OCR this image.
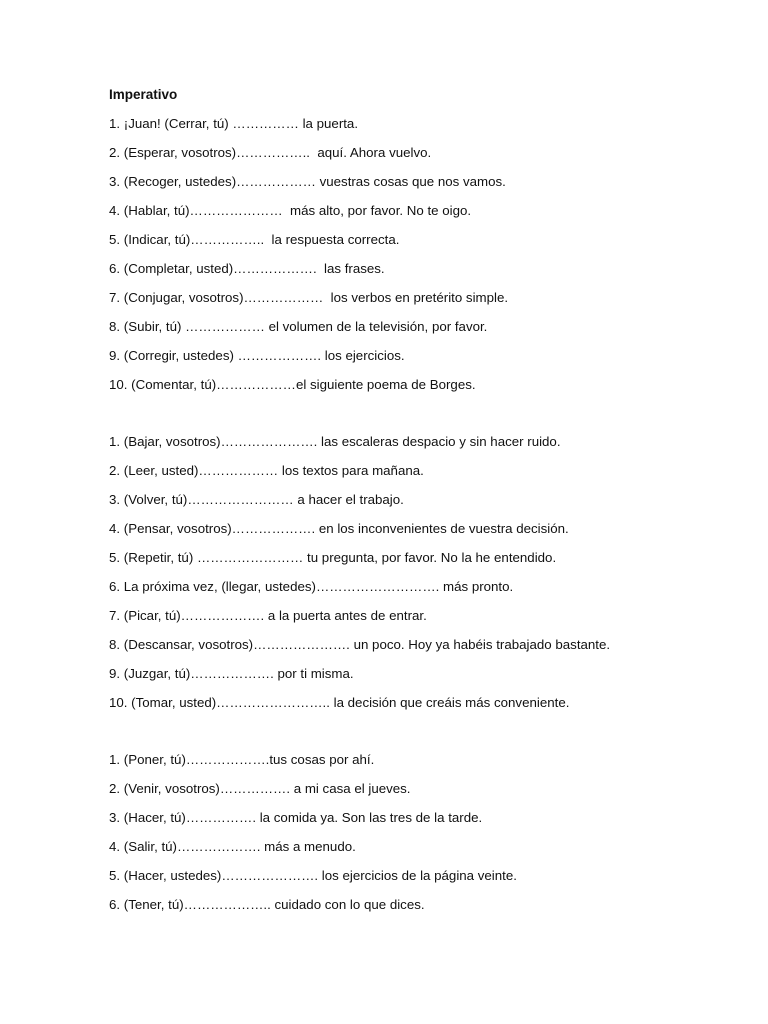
Imperativo
1. ¡Juan! (Cerrar, tú) …………… la puerta.
2. (Esperar, vosotros)……………..  aquí. Ahora vuelvo.
3. (Recoger, ustedes)……………… vuestras cosas que nos vamos.
4. (Hablar, tú)…………………  más alto, por favor. No te oigo.
5. (Indicar, tú)……………..  la respuesta correcta.
6. (Completar, usted)……………….  las frases.
7. (Conjugar, vosotros)………………  los verbos en pretérito simple.
8. (Subir, tú) ……………… el volumen de la televisión, por favor.
9. (Corregir, ustedes) ………………. los ejercicios.
10. (Comentar, tú)………………el siguiente poema de Borges.
1. (Bajar, vosotros)…………………. las escaleras despacio y sin hacer ruido.
2. (Leer, usted)……………… los textos para mañana.
3. (Volver, tú)…………………… a hacer el trabajo.
4. (Pensar, vosotros)………………. en los inconvenientes de vuestra decisión.
5. (Repetir, tú) …………………… tu pregunta, por favor. No la he entendido.
6. La próxima vez, (llegar, ustedes)………………………. más pronto.
7. (Picar, tú)………………. a la puerta antes de entrar.
8. (Descansar, vosotros)…………………. un poco. Hoy ya habéis trabajado bastante.
9. (Juzgar, tú)………………. por ti misma.
10. (Tomar, usted)…………………….. la decisión que creáis más conveniente.
1. (Poner, tú)……………….tus cosas por ahí.
2. (Venir, vosotros)……………. a mi casa el jueves.
3. (Hacer, tú)……………. la comida ya. Son las tres de la tarde.
4. (Salir, tú)………………. más a menudo.
5. (Hacer, ustedes)…………………. los ejercicios de la página veinte.
6. (Tener, tú)……………….. cuidado con lo que dices.
